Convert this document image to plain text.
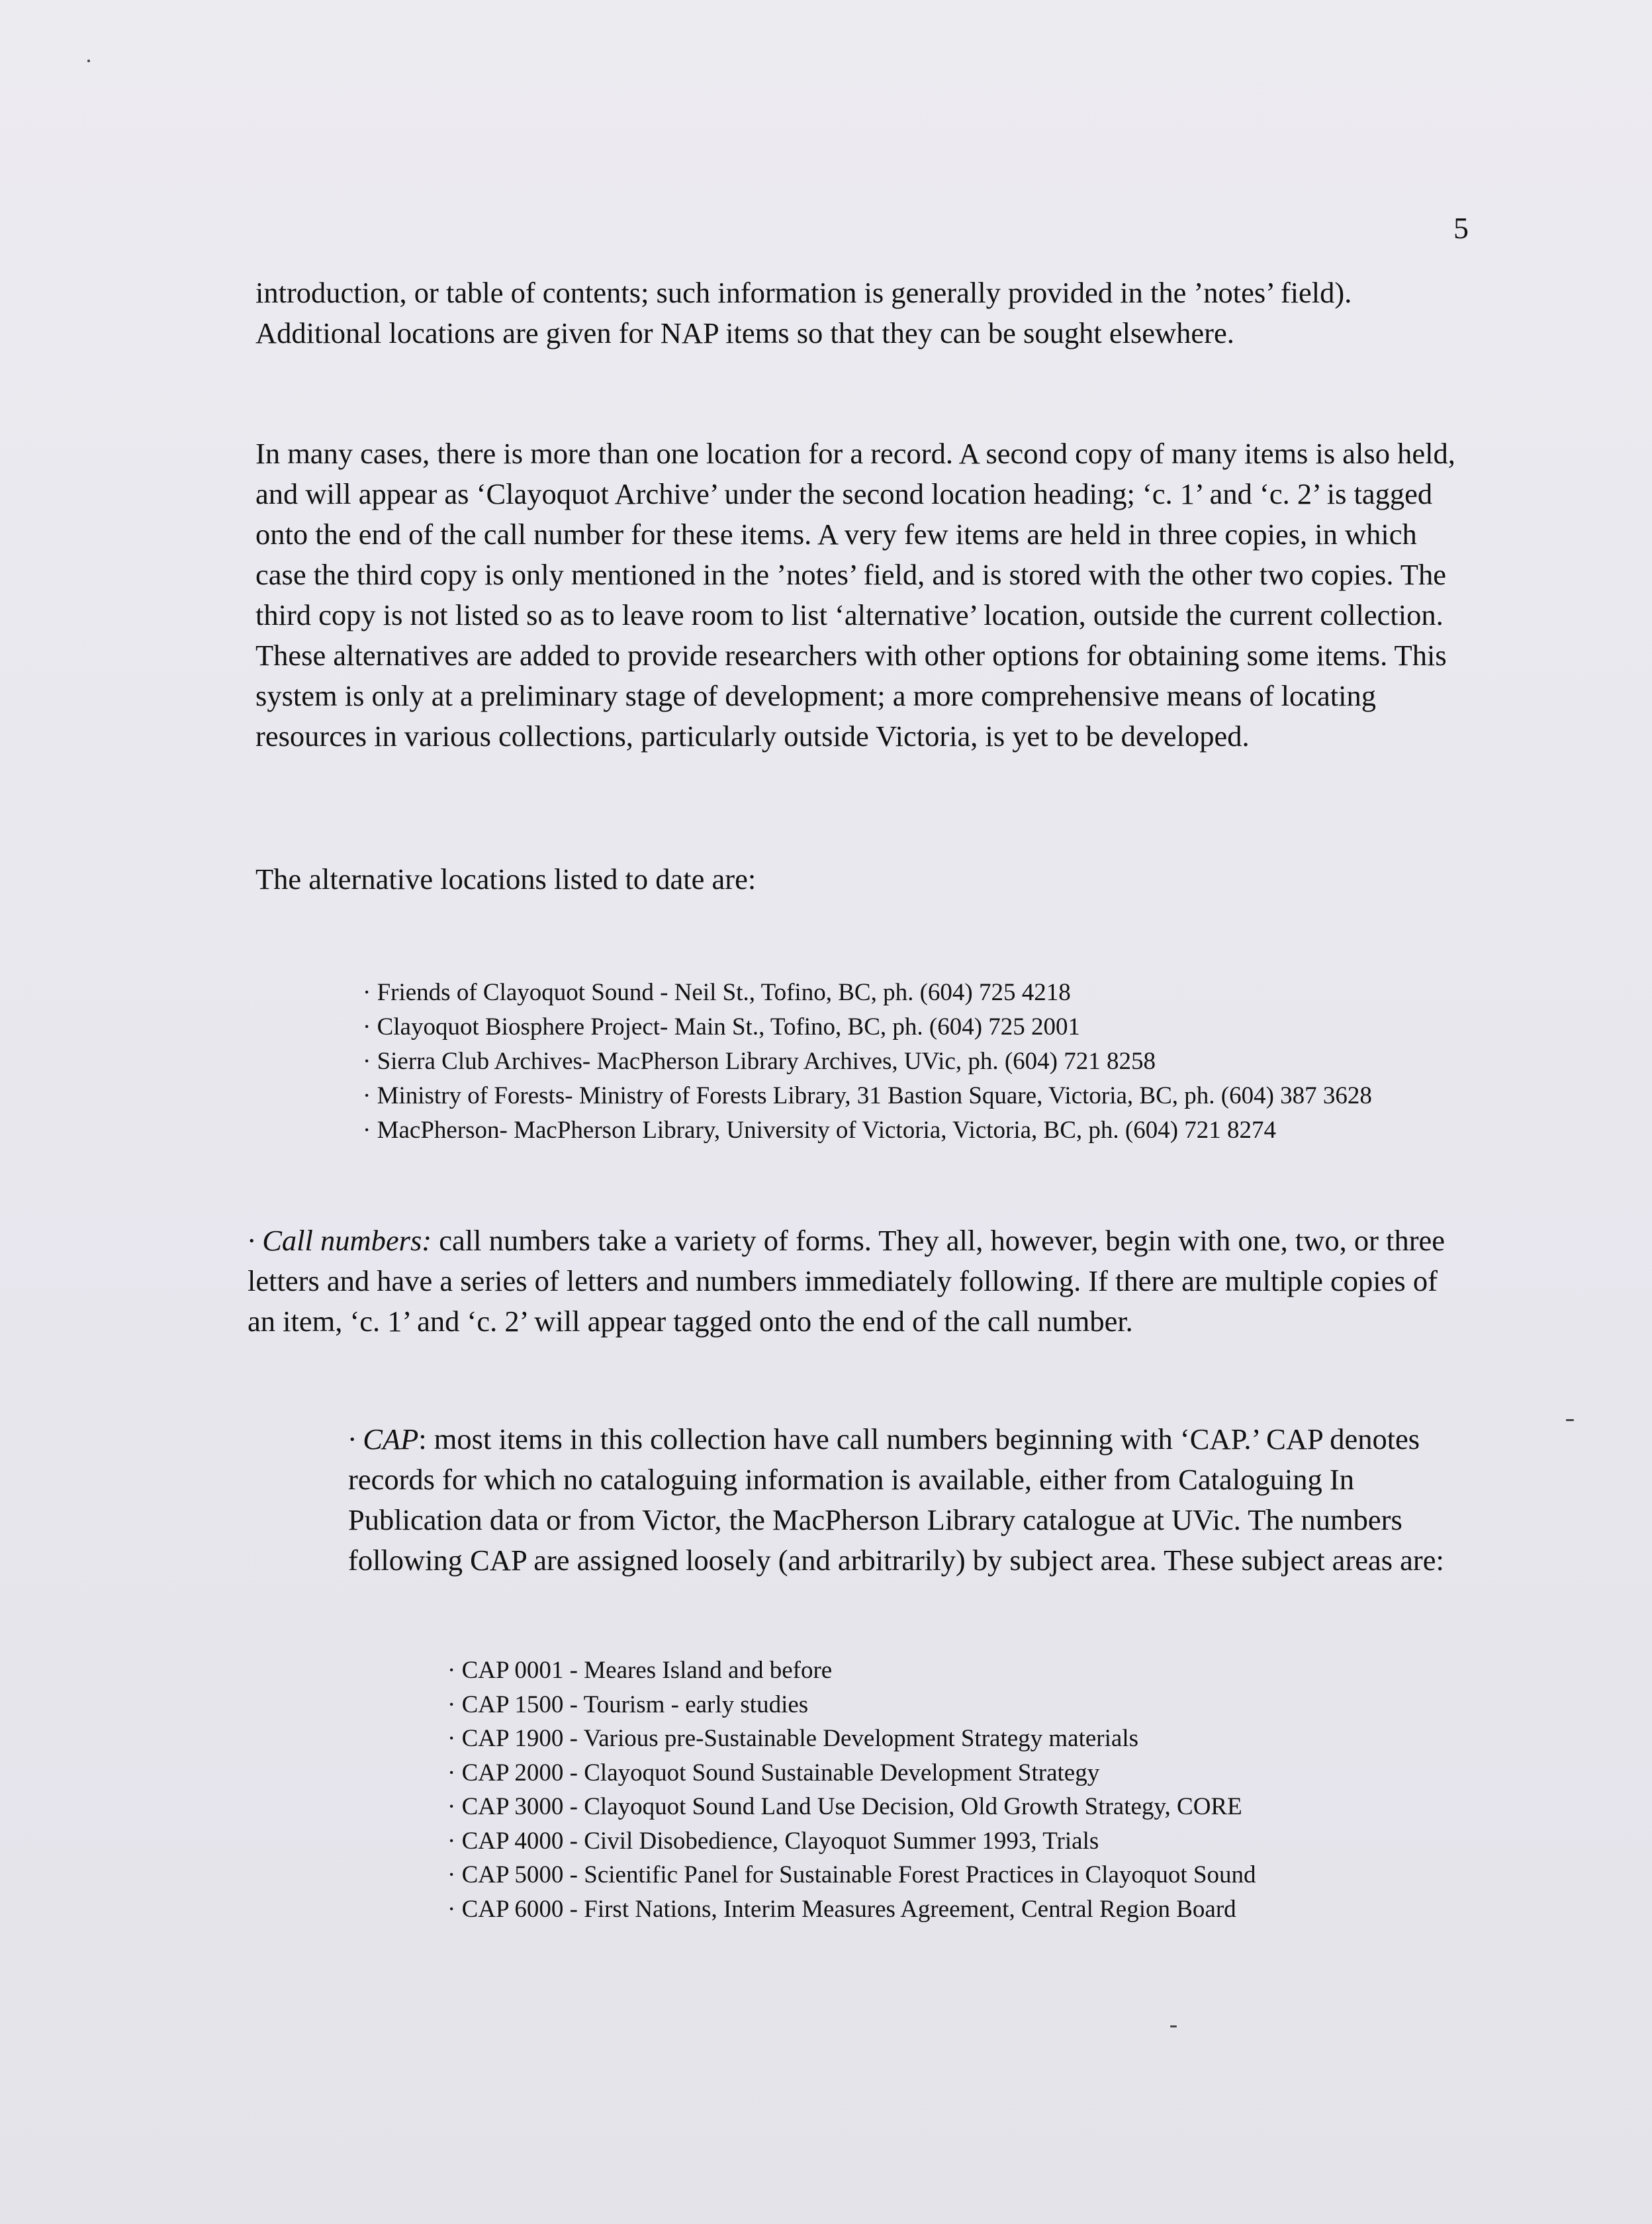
5

introduction, or table of contents; such information is generally provided in the ’notes’ field). Additional locations are given for NAP items so that they can be sought elsewhere.

In many cases, there is more than one location for a record. A second copy of many items is also held, and will appear as ‘Clayoquot Archive’ under the second location heading; ‘c. 1’ and ‘c. 2’ is tagged onto the end of the call number for these items. A very few items are held in three copies, in which case the third copy is only mentioned in the ’notes’ field, and is stored with the other two copies. The third copy is not listed so as to leave room to list ‘alternative’ location, outside the current collection. These alternatives are added to provide researchers with other options for obtaining some items. This system is only at a preliminary stage of development; a more comprehensive means of locating resources in various collections, particularly outside Victoria, is yet to be developed.

The alternative locations listed to date are:

· Friends of Clayoquot Sound - Neil St., Tofino, BC, ph. (604) 725 4218
· Clayoquot Biosphere Project- Main St., Tofino, BC, ph. (604) 725 2001
· Sierra Club Archives- MacPherson Library Archives, UVic, ph. (604) 721 8258
· Ministry of Forests- Ministry of Forests Library, 31 Bastion Square, Victoria, BC, ph. (604) 387 3628
· MacPherson- MacPherson Library, University of Victoria, Victoria, BC, ph. (604) 721 8274

· Call numbers: call numbers take a variety of forms. They all, however, begin with one, two, or three letters and have a series of letters and numbers immediately following. If there are multiple copies of an item, ‘c. 1’ and ‘c. 2’ will appear tagged onto the end of the call number.

· CAP: most items in this collection have call numbers beginning with ‘CAP.’ CAP denotes records for which no cataloguing information is available, either from Cataloguing In Publication data or from Victor, the MacPherson Library catalogue at UVic. The numbers following CAP are assigned loosely (and arbitrarily) by subject area. These subject areas are:

· CAP 0001 - Meares Island and before
· CAP 1500 - Tourism - early studies
· CAP 1900 - Various pre-Sustainable Development Strategy materials
· CAP 2000 - Clayoquot Sound Sustainable Development Strategy
· CAP 3000 - Clayoquot Sound Land Use Decision, Old Growth Strategy, CORE
· CAP 4000 - Civil Disobedience, Clayoquot Summer 1993, Trials
· CAP 5000 - Scientific Panel for Sustainable Forest Practices in Clayoquot Sound
· CAP 6000 - First Nations, Interim Measures Agreement, Central Region Board
